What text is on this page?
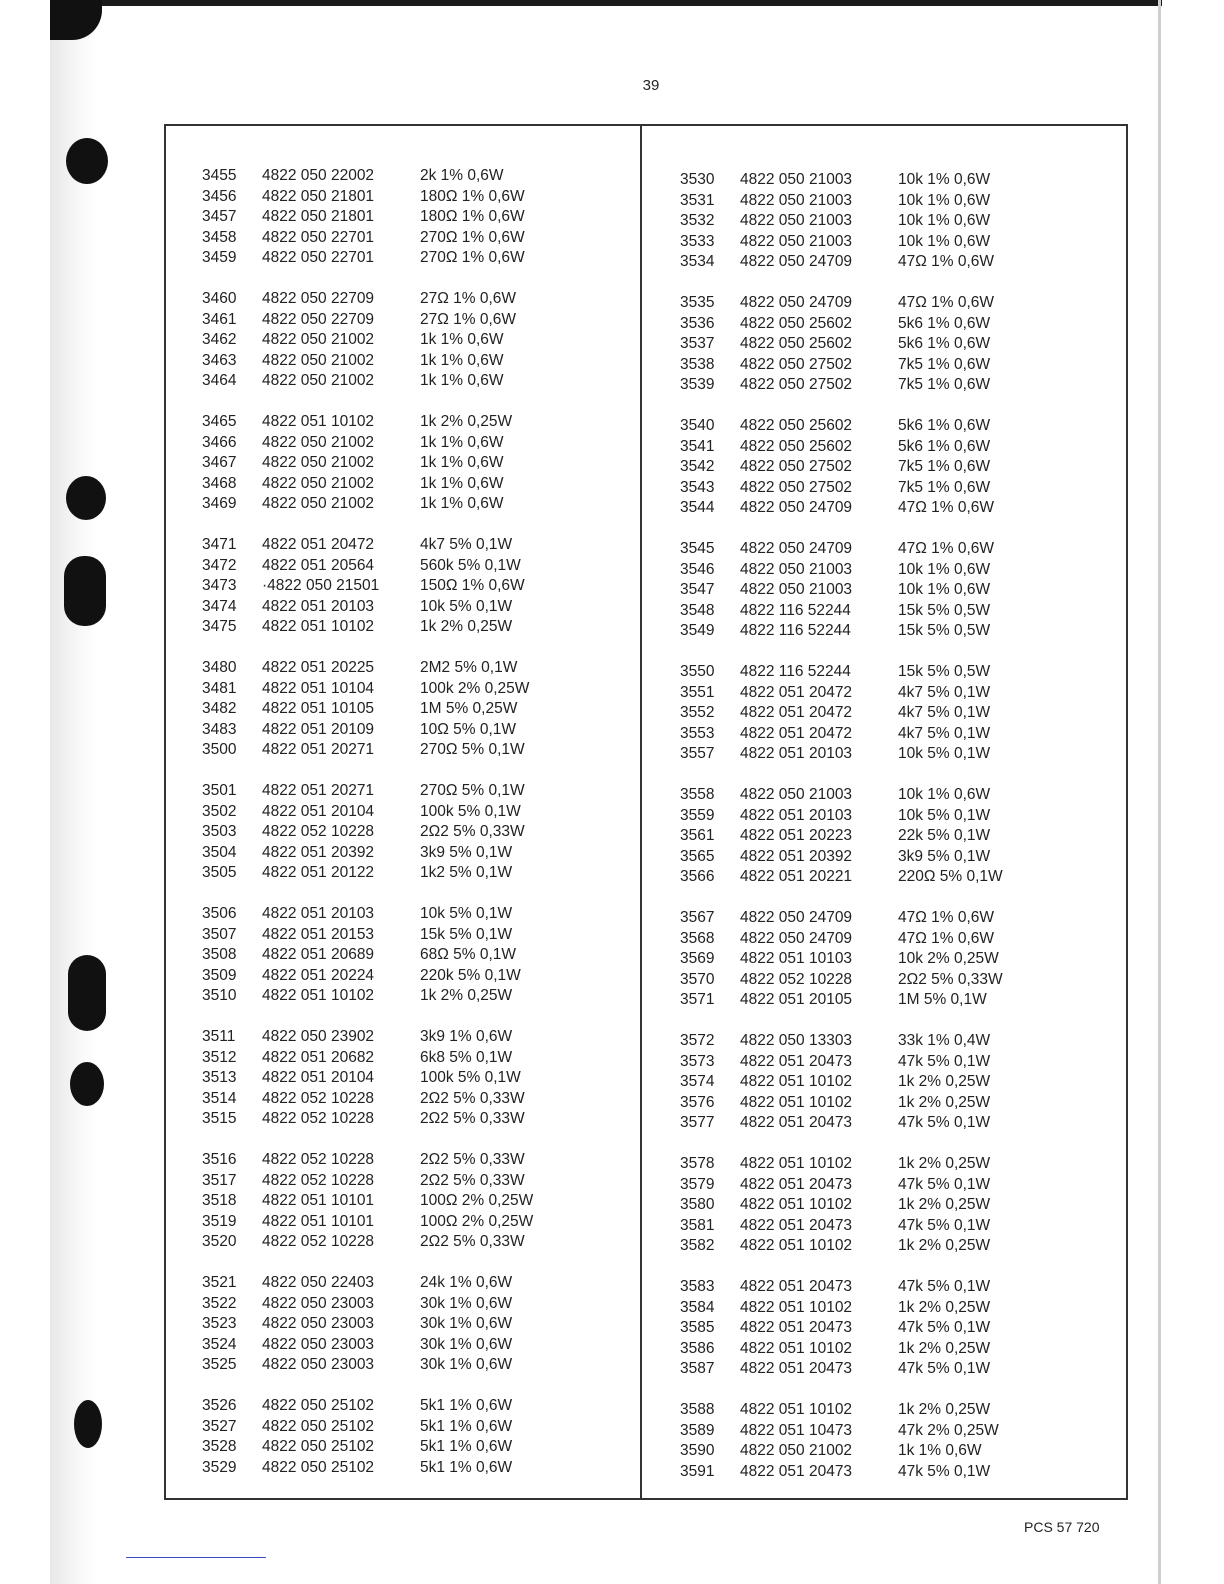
39
3455	4822 050 22002	2k 1% 0,6W
3456	4822 050 21801	180Ω 1% 0,6W
3457	4822 050 21801	180Ω 1% 0,6W
3458	4822 050 22701	270Ω 1% 0,6W
3459	4822 050 22701	270Ω 1% 0,6W
3460	4822 050 22709	27Ω 1% 0,6W
3461	4822 050 22709	27Ω 1% 0,6W
3462	4822 050 21002	1k 1% 0,6W
3463	4822 050 21002	1k 1% 0,6W
3464	4822 050 21002	1k 1% 0,6W
3465	4822 051 10102	1k 2% 0,25W
3466	4822 050 21002	1k 1% 0,6W
3467	4822 050 21002	1k 1% 0,6W
3468	4822 050 21002	1k 1% 0,6W
3469	4822 050 21002	1k 1% 0,6W
3471	4822 051 20472	4k7 5% 0,1W
3472	4822 051 20564	560k 5% 0,1W
3473	·4822 050 21501	150Ω 1% 0,6W
3474	4822 051 20103	10k 5% 0,1W
3475	4822 051 10102	1k 2% 0,25W
3480	4822 051 20225	2M2 5% 0,1W
3481	4822 051 10104	100k 2% 0,25W
3482	4822 051 10105	1M 5% 0,25W
3483	4822 051 20109	10Ω 5% 0,1W
3500	4822 051 20271	270Ω 5% 0,1W
3501	4822 051 20271	270Ω 5% 0,1W
3502	4822 051 20104	100k 5% 0,1W
3503	4822 052 10228	2Ω2 5% 0,33W
3504	4822 051 20392	3k9 5% 0,1W
3505	4822 051 20122	1k2 5% 0,1W
3506	4822 051 20103	10k 5% 0,1W
3507	4822 051 20153	15k 5% 0,1W
3508	4822 051 20689	68Ω 5% 0,1W
3509	4822 051 20224	220k 5% 0,1W
3510	4822 051 10102	1k 2% 0,25W
3511	4822 050 23902	3k9 1% 0,6W
3512	4822 051 20682	6k8 5% 0,1W
3513	4822 051 20104	100k 5% 0,1W
3514	4822 052 10228	2Ω2 5% 0,33W
3515	4822 052 10228	2Ω2 5% 0,33W
3516	4822 052 10228	2Ω2 5% 0,33W
3517	4822 052 10228	2Ω2 5% 0,33W
3518	4822 051 10101	100Ω 2% 0,25W
3519	4822 051 10101	100Ω 2% 0,25W
3520	4822 052 10228	2Ω2 5% 0,33W
3521	4822 050 22403	24k 1% 0,6W
3522	4822 050 23003	30k 1% 0,6W
3523	4822 050 23003	30k 1% 0,6W
3524	4822 050 23003	30k 1% 0,6W
3525	4822 050 23003	30k 1% 0,6W
3526	4822 050 25102	5k1 1% 0,6W
3527	4822 050 25102	5k1 1% 0,6W
3528	4822 050 25102	5k1 1% 0,6W
3529	4822 050 25102	5k1 1% 0,6W
3530	4822 050 21003	10k 1% 0,6W
3531	4822 050 21003	10k 1% 0,6W
3532	4822 050 21003	10k 1% 0,6W
3533	4822 050 21003	10k 1% 0,6W
3534	4822 050 24709	47Ω 1% 0,6W
3535	4822 050 24709	47Ω 1% 0,6W
3536	4822 050 25602	5k6 1% 0,6W
3537	4822 050 25602	5k6 1% 0,6W
3538	4822 050 27502	7k5 1% 0,6W
3539	4822 050 27502	7k5 1% 0,6W
3540	4822 050 25602	5k6 1% 0,6W
3541	4822 050 25602	5k6 1% 0,6W
3542	4822 050 27502	7k5 1% 0,6W
3543	4822 050 27502	7k5 1% 0,6W
3544	4822 050 24709	47Ω 1% 0,6W
3545	4822 050 24709	47Ω 1% 0,6W
3546	4822 050 21003	10k 1% 0,6W
3547	4822 050 21003	10k 1% 0,6W
3548	4822 116 52244	15k 5% 0,5W
3549	4822 116 52244	15k 5% 0,5W
3550	4822 116 52244	15k 5% 0,5W
3551	4822 051 20472	4k7 5% 0,1W
3552	4822 051 20472	4k7 5% 0,1W
3553	4822 051 20472	4k7 5% 0,1W
3557	4822 051 20103	10k 5% 0,1W
3558	4822 050 21003	10k 1% 0,6W
3559	4822 051 20103	10k 5% 0,1W
3561	4822 051 20223	22k 5% 0,1W
3565	4822 051 20392	3k9 5% 0,1W
3566	4822 051 20221	220Ω 5% 0,1W
3567	4822 050 24709	47Ω 1% 0,6W
3568	4822 050 24709	47Ω 1% 0,6W
3569	4822 051 10103	10k 2% 0,25W
3570	4822 052 10228	2Ω2 5% 0,33W
3571	4822 051 20105	1M 5% 0,1W
3572	4822 050 13303	33k 1% 0,4W
3573	4822 051 20473	47k 5% 0,1W
3574	4822 051 10102	1k 2% 0,25W
3576	4822 051 10102	1k 2% 0,25W
3577	4822 051 20473	47k 5% 0,1W
3578	4822 051 10102	1k 2% 0,25W
3579	4822 051 20473	47k 5% 0,1W
3580	4822 051 10102	1k 2% 0,25W
3581	4822 051 20473	47k 5% 0,1W
3582	4822 051 10102	1k 2% 0,25W
3583	4822 051 20473	47k 5% 0,1W
3584	4822 051 10102	1k 2% 0,25W
3585	4822 051 20473	47k 5% 0,1W
3586	4822 051 10102	1k 2% 0,25W
3587	4822 051 20473	47k 5% 0,1W
3588	4822 051 10102	1k 2% 0,25W
3589	4822 051 10473	47k 2% 0,25W
3590	4822 050 21002	1k 1% 0,6W
3591	4822 051 20473	47k 5% 0,1W
PCS 57 720
